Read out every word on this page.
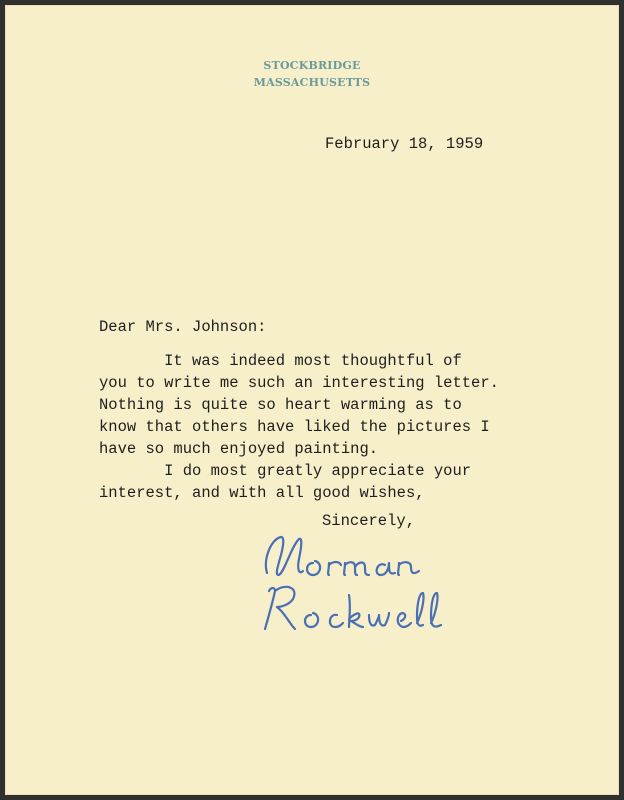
STOCKBRIDGE
MASSACHUSETTS

February 18, 1959

Dear Mrs. Johnson:

It was indeed most thoughtful of

you to write me such an interesting letter.

Nothing is quite so heart warming as to

know that others have liked the pictures I

have so much enjoyed painting.

I do most greatly appreciate your

interest, and with all good wishes,

Sincerely,
